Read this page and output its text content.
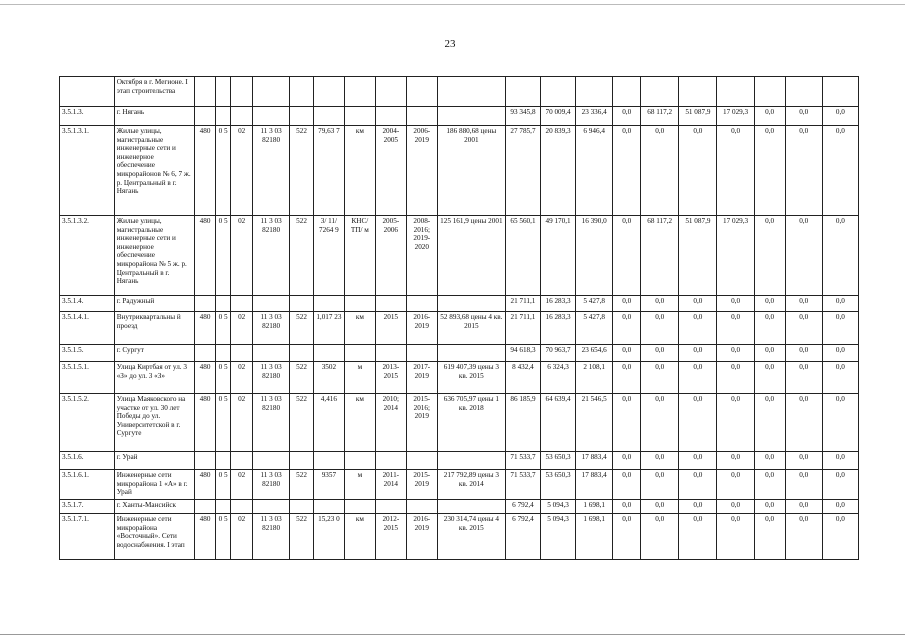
23
	Октября в г. Мегионе. I этап строительства																				
3.5.1.3.	г. Нягань											93 345,8	70 009,4	23 336,4	0,0	68 117,2	51 087,9	17 029,3	0,0	0,0	0,0
3.5.1.3.1.	Жилые улицы, магистральные инженерные сети и инженерное обеспечение микрорайонов № 6, 7 ж. р. Центральный в г. Нягань	480	0 5	02	11 3 03 82180	522	79,63 7	км	2004-2005	2006-2019	186 880,68 цены 2001	27 785,7	20 839,3	6 946,4	0,0	0,0	0,0	0,0	0,0	0,0	0,0
3.5.1.3.2.	Жилые улицы, магистральные инженерные сети и инженерное обеспечение микрорайона № 5 ж. р. Центральный в г. Нягань	480	0 5	02	11 3 03 82180	522	3/ 11/ 7264 9	КНС/ ТП/ м	2005-2006	2008-2016; 2019-2020	125 161,9 цены 2001	65 560,1	49 170,1	16 390,0	0,0	68 117,2	51 087,9	17 029,3	0,0	0,0	0,0
3.5.1.4.	г. Радужный											21 711,1	16 283,3	5 427,8	0,0	0,0	0,0	0,0	0,0	0,0	0,0
3.5.1.4.1.	Внутриквартальны й проезд	480	0 5	02	11 3 03 82180	522	1,017 23	км	2015	2016-2019	52 893,68 цены 4 кв. 2015	21 711,1	16 283,3	5 427,8	0,0	0,0	0,0	0,0	0,0	0,0	0,0
3.5.1.5.	г. Сургут											94 618,3	70 963,7	23 654,6	0,0	0,0	0,0	0,0	0,0	0,0	0,0
3.5.1.5.1.	Улица Киртбая от ул. 3 «З» до ул. 3 «З»	480	0 5	02	11 3 03 82180	522	3502	м	2013-2015	2017-2019	619 407,39 цены 3 кв. 2015	8 432,4	6 324,3	2 108,1	0,0	0,0	0,0	0,0	0,0	0,0	0,0
3.5.1.5.2.	Улица Маяковского на участке от ул. 30 лет Победы до ул. Университетской в г. Сургуте	480	0 5	02	11 3 03 82180	522	4,416	км	2010; 2014	2015-2016; 2019	636 705,97 цены 1 кв. 2018	86 185,9	64 639,4	21 546,5	0,0	0,0	0,0	0,0	0,0	0,0	0,0
3.5.1.6.	г. Урай											71 533,7	53 650,3	17 883,4	0,0	0,0	0,0	0,0	0,0	0,0	0,0
3.5.1.6.1.	Инженерные сети микрорайона 1 «А» в г. Урай	480	0 5	02	11 3 03 82180	522	9357	м	2011-2014	2015-2019	217 792,89 цены 3 кв. 2014	71 533,7	53 650,3	17 883,4	0,0	0,0	0,0	0,0	0,0	0,0	0,0
3.5.1.7.	г. Ханты-Мансийск											6 792,4	5 094,3	1 698,1	0,0	0,0	0,0	0,0	0,0	0,0	0,0
3.5.1.7.1.	Инженерные сети микрорайона «Восточный». Сети водоснабжения. I этап	480	0 5	02	11 3 03 82180	522	15,23 0	км	2012-2015	2016-2019	230 314,74 цены 4 кв. 2015	6 792,4	5 094,3	1 698,1	0,0	0,0	0,0	0,0	0,0	0,0	0,0
